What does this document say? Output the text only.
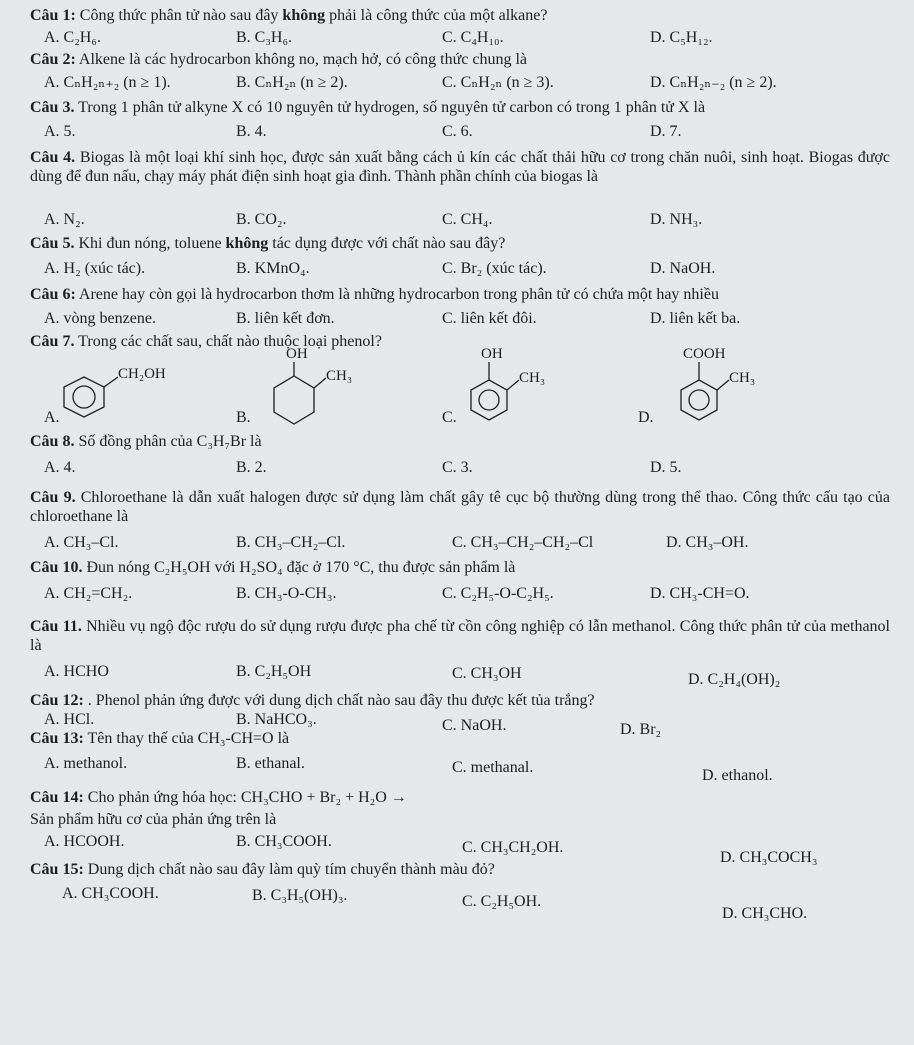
Câu 1: Công thức phân tử nào sau đây không phải là công thức của một alkane?
A. C₂H₆.	B. C₃H₆.	C. C₄H₁₀.	D. C₅H₁₂.
Câu 2: Alkene là các hydrocarbon không no, mạch hở, có công thức chung là
A. CₙH₂ₙ₊₂ (n ≥ 1).	B. CₙH₂ₙ (n ≥ 2).	C. CₙH₂ₙ (n ≥ 3).	D. CₙH₂ₙ₋₂ (n ≥ 2).
Câu 3. Trong 1 phân tử alkyne X có 10 nguyên tử hydrogen, số nguyên tử carbon có trong 1 phân tử X là
A. 5.	B. 4.	C. 6.	D. 7.
Câu 4. Biogas là một loại khí sinh học, được sản xuất bằng cách ủ kín các chất thải hữu cơ trong chăn nuôi, sinh hoạt. Biogas được dùng để đun nấu, chạy máy phát điện sinh hoạt gia đình. Thành phần chính của biogas là
A. N₂.	B. CO₂.	C. CH₄.	D. NH₃.
Câu 5. Khi đun nóng, toluene không tác dụng được với chất nào sau đây?
A. H₂ (xúc tác).	B. KMnO₄.	C. Br₂ (xúc tác).	D. NaOH.
Câu 6: Arene hay còn gọi là hydrocarbon thơm là những hydrocarbon trong phân tử có chứa một hay nhiều
A. vòng benzene.	B. liên kết đơn.	C. liên kết đôi.	D. liên kết ba.
Câu 7. Trong các chất sau, chất nào thuộc loại phenol?
CH₂OH
A.
OH
CH₃
B.
OH
CH₃
C.
COOH
CH₃
D.
Câu 8. Số đồng phân của C₃H₇Br là
A. 4.	B. 2.	C. 3.	D. 5.
Câu 9. Chloroethane là dẫn xuất halogen được sử dụng làm chất gây tê cục bộ thường dùng trong thể thao. Công thức cấu tạo của chloroethane là
A. CH₃–Cl.	B. CH₃–CH₂–Cl.	C. CH₃–CH₂–CH₂–Cl	D. CH₃–OH.
Câu 10. Đun nóng C₂H₅OH với H₂SO₄ đặc ở 170 °C, thu được sản phẩm là
A. CH₂=CH₂.	B. CH₃-O-CH₃.	C. C₂H₅-O-C₂H₅.	D. CH₃-CH=O.
Câu 11. Nhiều vụ ngộ độc rượu do sử dụng rượu được pha chế từ cồn công nghiệp có lẫn methanol. Công thức phân tử của methanol là
A. HCHO	B. C₂H₅OH	C. CH₃OH	D. C₂H₄(OH)₂
Câu 12: . Phenol phản ứng được với dung dịch chất nào sau đây thu được kết tủa trắng?
A. HCl.	B. NaHCO₃.	C. NaOH.	D. Br₂
Câu 13: Tên thay thế của CH₃-CH=O là
A. methanol.	B. ethanal.	C. methanal.	D. ethanol.
Câu 14: Cho phản ứng hóa học: CH₃CHO + Br₂ + H₂O →
Sản phẩm hữu cơ của phản ứng trên là
A. HCOOH.	B. CH₃COOH.	C. CH₃CH₂OH.
D. CH₃COCH₃
Câu 15: Dung dịch chất nào sau đây làm quỳ tím chuyển thành màu đỏ?
A. CH₃COOH.	B. C₃H₅(OH)₃.	C. C₂H₅OH.
D. CH₃CHO.
